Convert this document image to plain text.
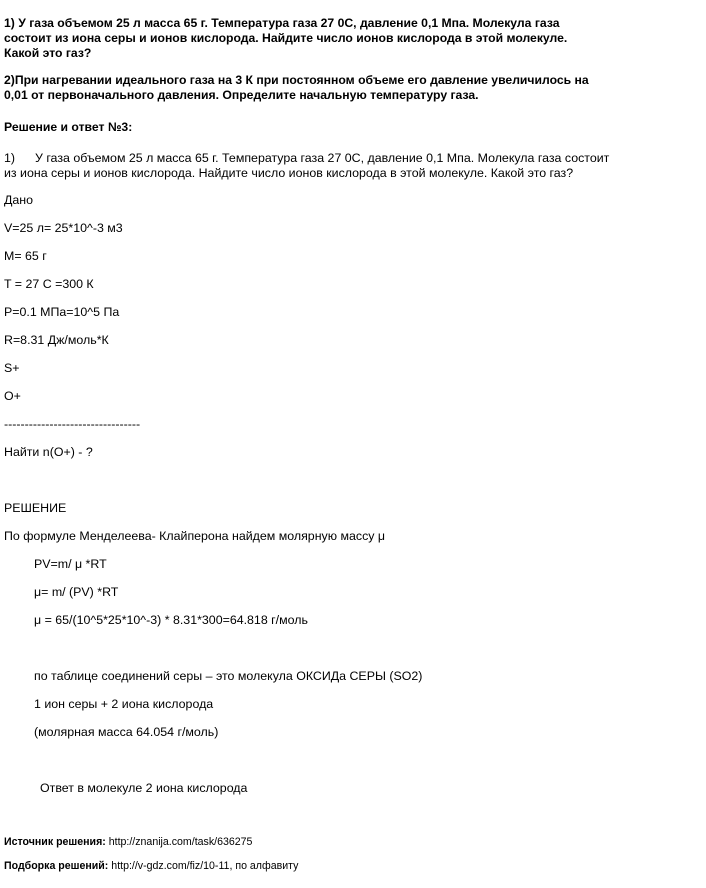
1) У газа объемом 25 л масса 65 г. Температура газа 27 0С, давление 0,1 Мпа. Молекула газа
состоит из иона серы и ионов кислорода. Найдите число ионов кислорода в этой молекуле.
Какой это газ?
2)При нагревании идеального газа на 3 К при постоянном объеме его давление увеличилось на
0,01 от первоначального давления. Определите начальную температуру газа.
Решение и ответ №3:
1) У газа объемом 25 л масса 65 г. Температура газа 27 0С, давление 0,1 Мпа. Молекула газа состоит
из иона серы и ионов кислорода. Найдите число ионов кислорода в этой молекуле. Какой это газ?
Дано
V=25 л= 25*10^-3 м3
M= 65 г
T = 27 С =300 К
P=0.1 МПа=10^5 Па
R=8.31 Дж/моль*К
S+
O+
---------------------------------
Найти n(O+) - ?
РЕШЕНИЕ
По формуле Менделеева- Клайперона найдем молярную массу μ
PV=m/ μ *RT
μ= m/ (PV) *RT
μ = 65/(10^5*25*10^-3) * 8.31*300=64.818 г/моль
по таблице соединений серы – это молекула ОКСИДа СЕРЫ (SO2)
1 ион серы + 2 иона кислорода
(молярная масса 64.054 г/моль)
Ответ в молекуле 2 иона кислорода
Источник решения: http://znanija.com/task/636275
Подборка решений: http://v-gdz.com/fiz/10-11, по алфавиту
